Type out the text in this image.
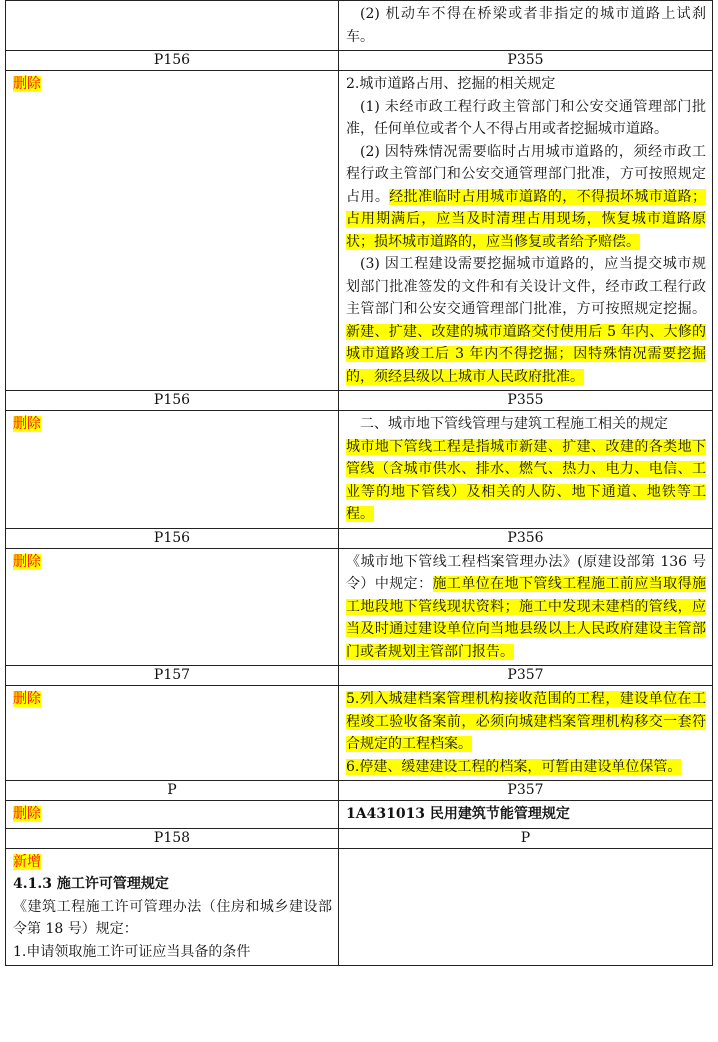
	(2) 机动车不得在桥梁或者非指定的城市道路上试刹车。

P156	P355

删除	2.城市道路占用、挖掘的相关规定
(1) 未经市政工程行政主管部门和公安交通管理部门批准，任何单位或者个人不得占用或者挖掘城市道路。
(2) 因特殊情况需要临时占用城市道路的，须经市政工程行政主管部门和公安交通管理部门批准，方可按照规定占用。经批准临时占用城市道路的，不得损坏城市道路；占用期满后，应当及时清理占用现场，恢复城市道路原状；损坏城市道路的，应当修复或者给予赔偿。
(3) 因工程建设需要挖掘城市道路的，应当提交城市规划部门批准签发的文件和有关设计文件，经市政工程行政主管部门和公安交通管理部门批准，方可按照规定挖掘。新建、扩建、改建的城市道路交付使用后 5 年内、大修的城市道路竣工后 3 年内不得挖掘；因特殊情况需要挖掘的，须经县级以上城市人民政府批准。

P156	P355

删除	二、城市地下管线管理与建筑工程施工相关的规定
城市地下管线工程是指城市新建、扩建、改建的各类地下管线（含城市供水、排水、燃气、热力、电力、电信、工业等的地下管线）及相关的人防、地下通道、地铁等工程。

P156	P356

删除	《城市地下管线工程档案管理办法》(原建设部第 136 号令）中规定：施工单位在地下管线工程施工前应当取得施工地段地下管线现状资料；施工中发现未建档的管线，应当及时通过建设单位向当地县级以上人民政府建设主管部门或者规划主管部门报告。

P157	P357

删除	5.列入城建档案管理机构接收范围的工程，建设单位在工程竣工验收备案前，必须向城建档案管理机构移交一套符合规定的工程档案。
6.停建、缓建建设工程的档案，可暂由建设单位保管。

P	P357

删除	1A431013 民用建筑节能管理规定

P158	P

新增
4.1.3 施工许可管理规定
《建筑工程施工许可管理办法（住房和城乡建设部令第 18 号）规定：
1.申请领取施工许可证应当具备的条件	
